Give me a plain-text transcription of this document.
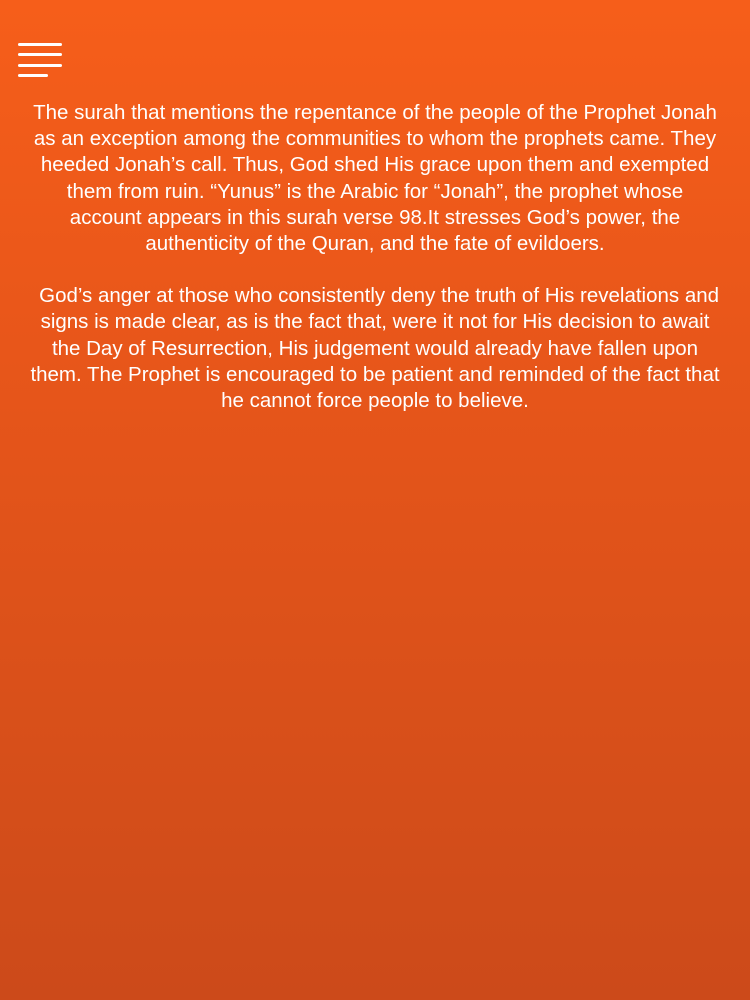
The surah that mentions the repentance of the people of the Prophet Jonah as an exception among the communities to whom the prophets came. They heeded Jonah’s call. Thus, God shed His grace upon them and exempted them from ruin. “Yunus” is the Arabic for “Jonah”, the prophet whose account appears in this surah verse 98.It stresses God’s power, the authenticity of the Quran, and the fate of evildoers.

God’s anger at those who consistently deny the truth of His revelations and signs is made clear, as is the fact that, were it not for His decision to await the Day of Resurrection, His judgement would already have fallen upon them. The Prophet is encouraged to be patient and reminded of the fact that he cannot force people to believe.
